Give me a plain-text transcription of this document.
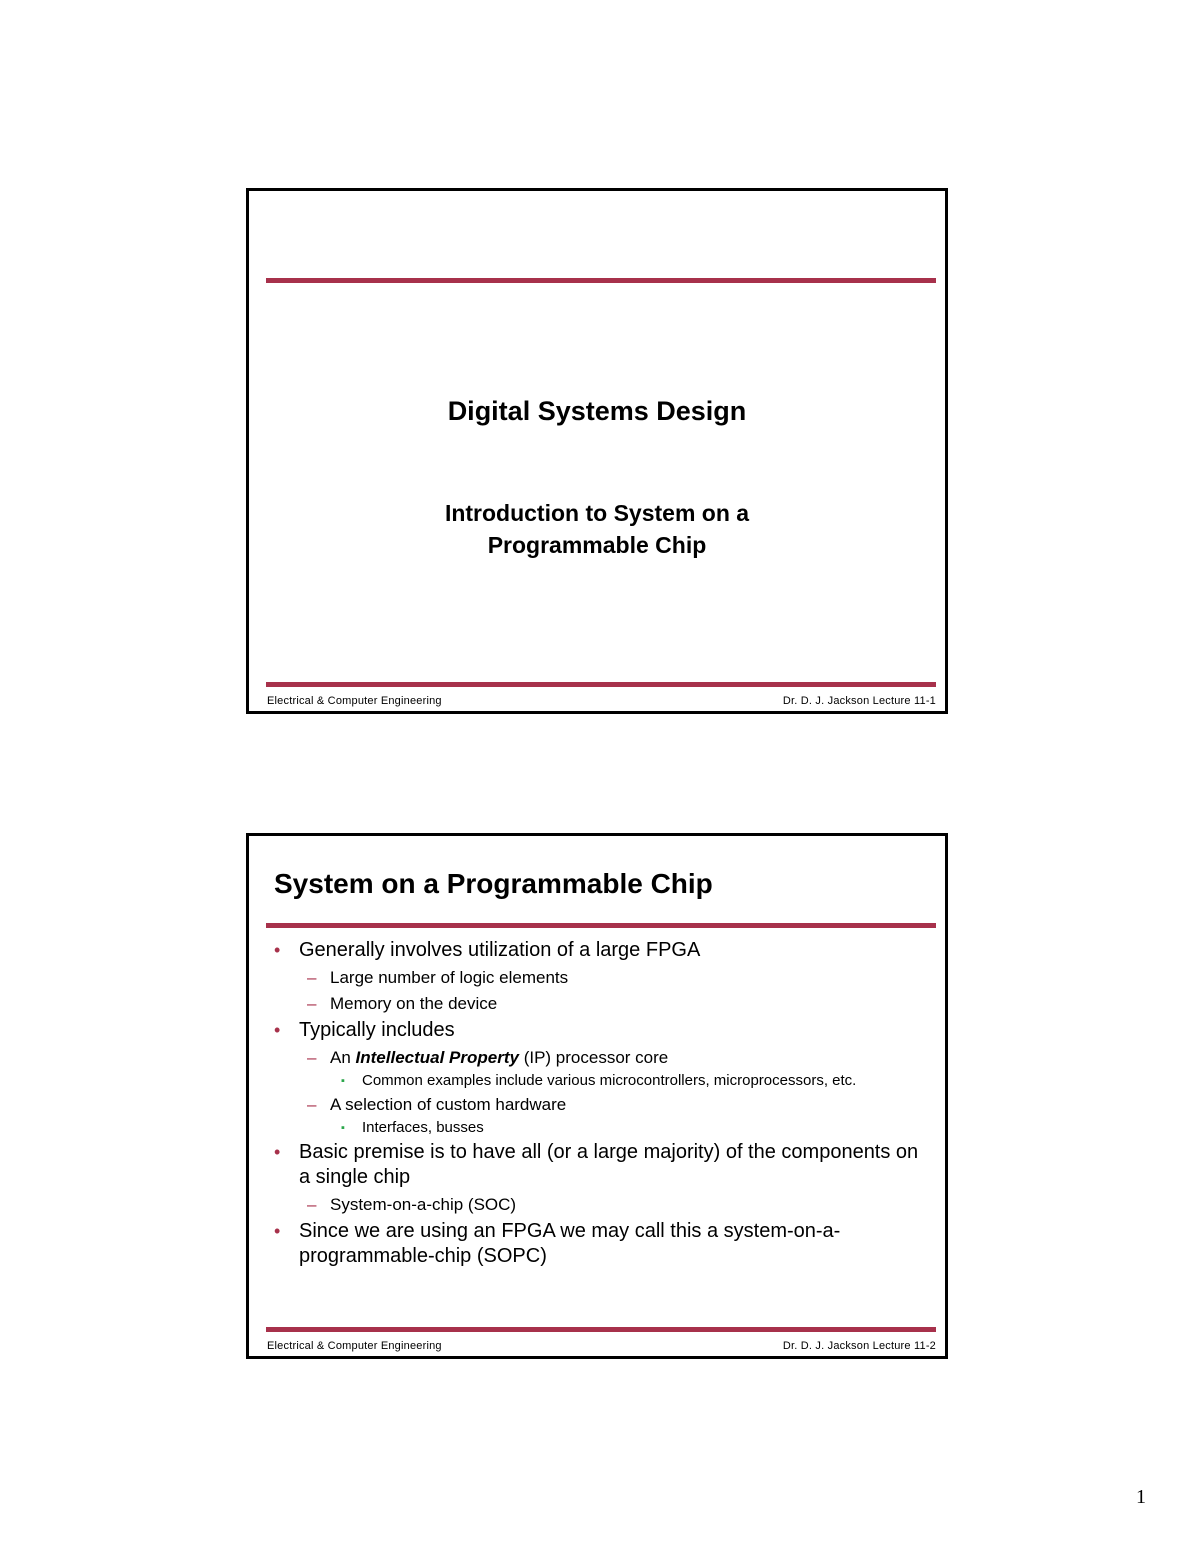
Digital Systems Design
Introduction to System on a
Programmable Chip
Electrical & Computer Engineering	Dr. D. J. Jackson Lecture 11-1
System on a Programmable Chip
• Generally involves utilization of a large FPGA
– Large number of logic elements
– Memory on the device
• Typically includes
– An Intellectual Property (IP) processor core
▪ Common examples include various microcontrollers, microprocessors, etc.
– A selection of custom hardware
▪ Interfaces, busses
• Basic premise is to have all (or a large majority) of the components on a single chip
– System-on-a-chip (SOC)
• Since we are using an FPGA we may call this a system-on-a-programmable-chip (SOPC)
Electrical & Computer Engineering	Dr. D. J. Jackson Lecture 11-2
1
